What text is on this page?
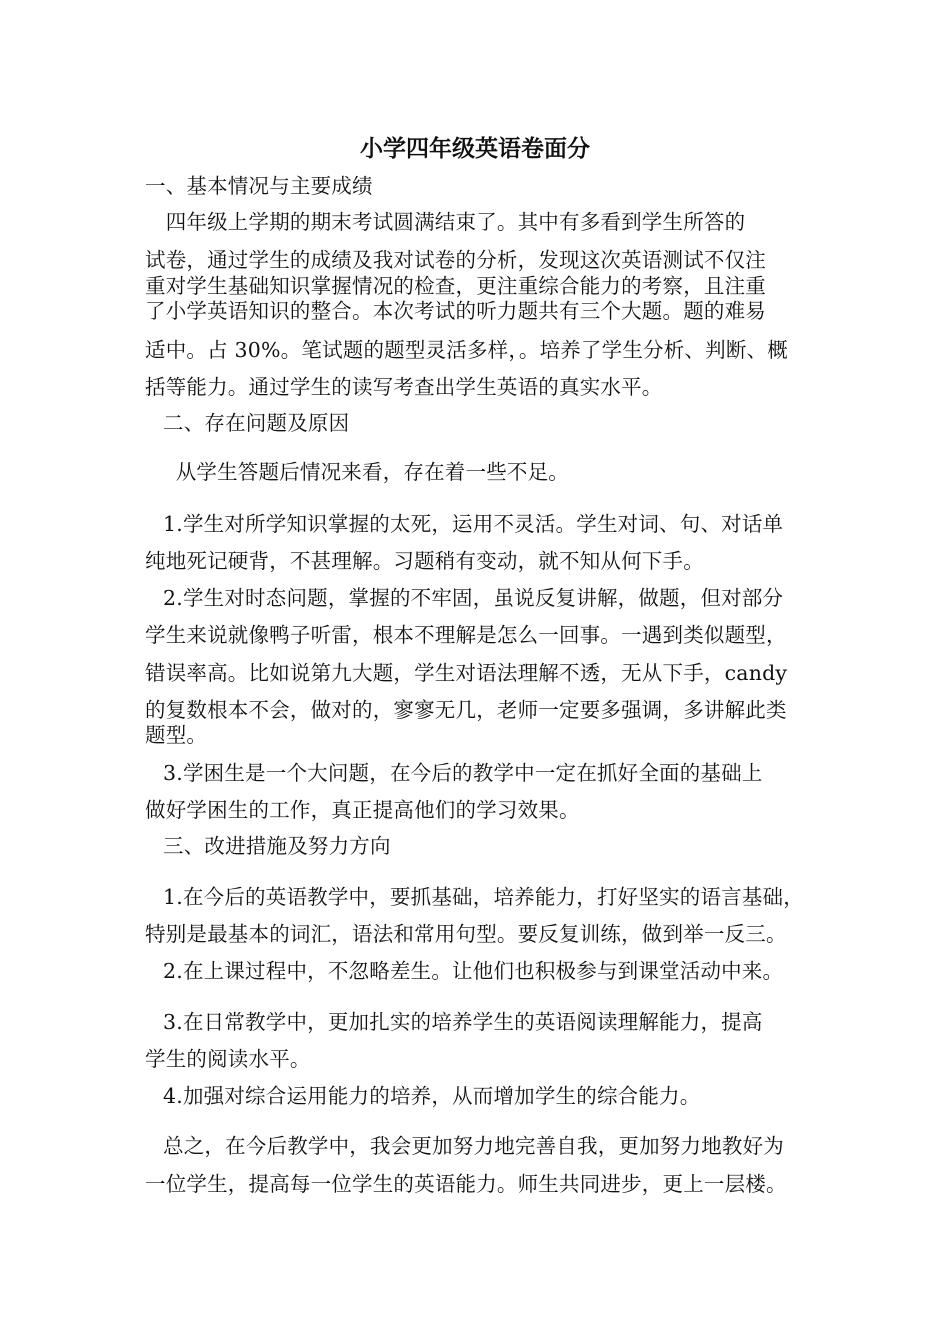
小学四年级英语卷面分
一、基本情况与主要成绩
　四年级上学期的期末考试圆满结束了。其中有多看到学生所答的
试卷，通过学生的成绩及我对试卷的分析，发现这次英语测试不仅注
重对学生基础知识掌握情况的检查，更注重综合能力的考察，且注重
了小学英语知识的整合。本次考试的听力题共有三个大题。题的难易
适中。占 30%。笔试题的题型灵活多样，。培养了学生分析、判断、概
括等能力。通过学生的读写考查出学生英语的真实水平。
二、存在问题及原因
　从学生答题后情况来看，存在着一些不足。
1.学生对所学知识掌握的太死，运用不灵活。学生对词、句、对话单
纯地死记硬背，不甚理解。习题稍有变动，就不知从何下手。
2.学生对时态问题，掌握的不牢固，虽说反复讲解，做题，但对部分
学生来说就像鸭子听雷，根本不理解是怎么一回事。一遇到类似题型，
错误率高。比如说第九大题，学生对语法理解不透，无从下手，candy
的复数根本不会，做对的，寥寥无几，老师一定要多强调，多讲解此类
题型。
3.学困生是一个大问题，在今后的教学中一定在抓好全面的基础上
做好学困生的工作，真正提高他们的学习效果。
三、改进措施及努力方向
1.在今后的英语教学中，要抓基础，培养能力，打好坚实的语言基础，
特别是最基本的词汇，语法和常用句型。要反复训练，做到举一反三。
2.在上课过程中，不忽略差生。让他们也积极参与到课堂活动中来。
3.在日常教学中，更加扎实的培养学生的英语阅读理解能力，提高
学生的阅读水平。
4.加强对综合运用能力的培养，从而增加学生的综合能力。
总之，在今后教学中，我会更加努力地完善自我，更加努力地教好为
一位学生，提高每一位学生的英语能力。师生共同进步，更上一层楼。
